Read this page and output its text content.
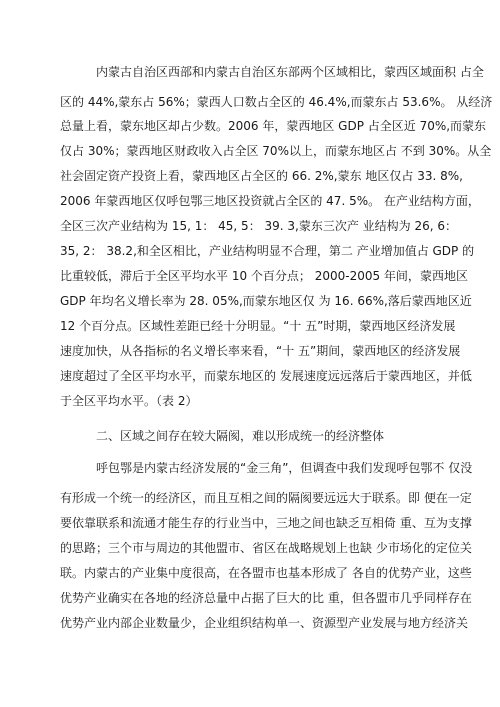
内蒙古自治区西部和内蒙古自治区东部两个区域相比，蒙西区域面积 占全
区的 44%,蒙东占 56%；蒙西人口数占全区的 46.4%,而蒙东占 53.6%。 从经济
总量上看，蒙东地区却占少数。2006 年，蒙西地区 GDP 占全区近 70%,而蒙东
仅占 30%；蒙西地区财政收入占全区 70%以上，而蒙东地区占 不到 30%。从全
社会固定资产投资上看，蒙西地区占全区的 66. 2%,蒙东 地区仅占 33. 8%,
2006 年蒙西地区仅呼包鄂三地区投资就占全区的 47. 5%。 在产业结构方面，
全区三次产业结构为 15, 1： 45, 5： 39. 3,蒙东三次产 业结构为 26, 6：
35, 2： 38.2,和全区相比，产业结构明显不合理，第二 产业增加值占 GDP 的
比重较低，滞后于全区平均水平 10 个百分点； 2000-2005 年间，蒙西地区
GDP 年均名义增长率为 28. 05%,而蒙东地区仅 为 16. 66%,落后蒙西地区近
12 个百分点。区域性差距已经十分明显。“十 五”时期，蒙西地区经济发展
速度加快，从各指标的名义增长率来看，“十 五”期间，蒙西地区的经济发展
速度超过了全区平均水平，而蒙东地区的 发展速度远远落后于蒙西地区，并低
于全区平均水平。（表 2）
二、区域之间存在较大隔阂，难以形成统一的经济整体
呼包鄂是内蒙古经济发展的“金三角”，但调查中我们发现呼包鄂不 仅没
有形成一个统一的经济区，而且互相之间的隔阂要远远大于联系。即 便在一定
要依靠联系和流通才能生存的行业当中，三地之间也缺乏互相倚 重、互为支撑
的思路；三个市与周边的其他盟市、省区在战略规划上也缺 少市场化的定位关
联。内蒙古的产业集中度很高，在各盟市也基本形成了 各自的优势产业，这些
优势产业确实在各地的经济总量中占据了巨大的比 重，但各盟市几乎同样存在
优势产业内部企业数量少，企业组织结构单一、资源型产业发展与地方经济关
